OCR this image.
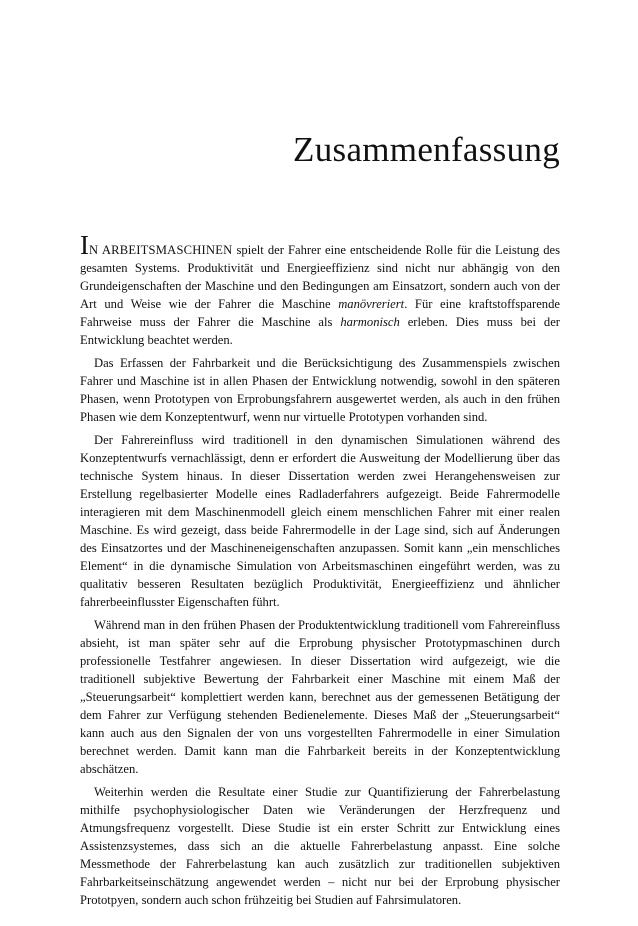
Zusammenfassung

IN ARBEITSMASCHINEN spielt der Fahrer eine entscheidende Rolle für die Leistung des gesamten Systems. Produktivität und Energieeffizienz sind nicht nur abhängig von den Grundeigenschaften der Maschine und den Bedingungen am Einsatzort, sondern auch von der Art und Weise wie der Fahrer die Maschine manövreriert. Für eine kraftstoffsparende Fahrweise muss der Fahrer die Maschine als harmonisch erleben. Dies muss bei der Entwicklung beachtet werden.

Das Erfassen der Fahrbarkeit und die Berücksichtigung des Zusammenspiels zwischen Fahrer und Maschine ist in allen Phasen der Entwicklung notwendig, sowohl in den späteren Phasen, wenn Prototypen von Erprobungsfahrern ausgewertet werden, als auch in den frühen Phasen wie dem Konzeptentwurf, wenn nur virtuelle Prototypen vorhanden sind.

Der Fahrereinfluss wird traditionell in den dynamischen Simulationen während des Konzeptentwurfs vernachlässigt, denn er erfordert die Ausweitung der Modellierung über das technische System hinaus. In dieser Dissertation werden zwei Herangehensweisen zur Erstellung regelbasierter Modelle eines Radladerfahrers aufgezeigt. Beide Fahrermodelle interagieren mit dem Maschinenmodell gleich einem menschlichen Fahrer mit einer realen Maschine. Es wird gezeigt, dass beide Fahrermodelle in der Lage sind, sich auf Änderungen des Einsatzortes und der Maschineneigenschaften anzupassen. Somit kann „ein menschliches Element“ in die dynamische Simulation von Arbeitsmaschinen eingeführt werden, was zu qualitativ besseren Resultaten bezüglich Produktivität, Energieeffizienz und ähnlicher fahrerbeeinflusster Eigenschaften führt.

Während man in den frühen Phasen der Produktentwicklung traditionell vom Fahrereinfluss absieht, ist man später sehr auf die Erprobung physischer Prototypmaschinen durch professionelle Testfahrer angewiesen. In dieser Dissertation wird aufgezeigt, wie die traditionell subjektive Bewertung der Fahrbarkeit einer Maschine mit einem Maß der „Steuerungsarbeit“ komplettiert werden kann, berechnet aus der gemessenen Betätigung der dem Fahrer zur Verfügung stehenden Bedienelemente. Dieses Maß der „Steuerungsarbeit“ kann auch aus den Signalen der von uns vorgestellten Fahrermodelle in einer Simulation berechnet werden. Damit kann man die Fahrbarkeit bereits in der Konzeptentwicklung abschätzen.

Weiterhin werden die Resultate einer Studie zur Quantifizierung der Fahrerbelastung mithilfe psychophysiologischer Daten wie Veränderungen der Herzfrequenz und Atmungsfrequenz vorgestellt. Diese Studie ist ein erster Schritt zur Entwicklung eines Assistenzsystemes, dass sich an die aktuelle Fahrerbelastung anpasst. Eine solche Messmethode der Fahrerbelastung kan auch zusätzlich zur traditionellen subjektiven Fahrbarkeitseinschätzung angewendet werden – nicht nur bei der Erprobung physischer Prototpyen, sondern auch schon frühzeitig bei Studien auf Fahrsimulatoren.
